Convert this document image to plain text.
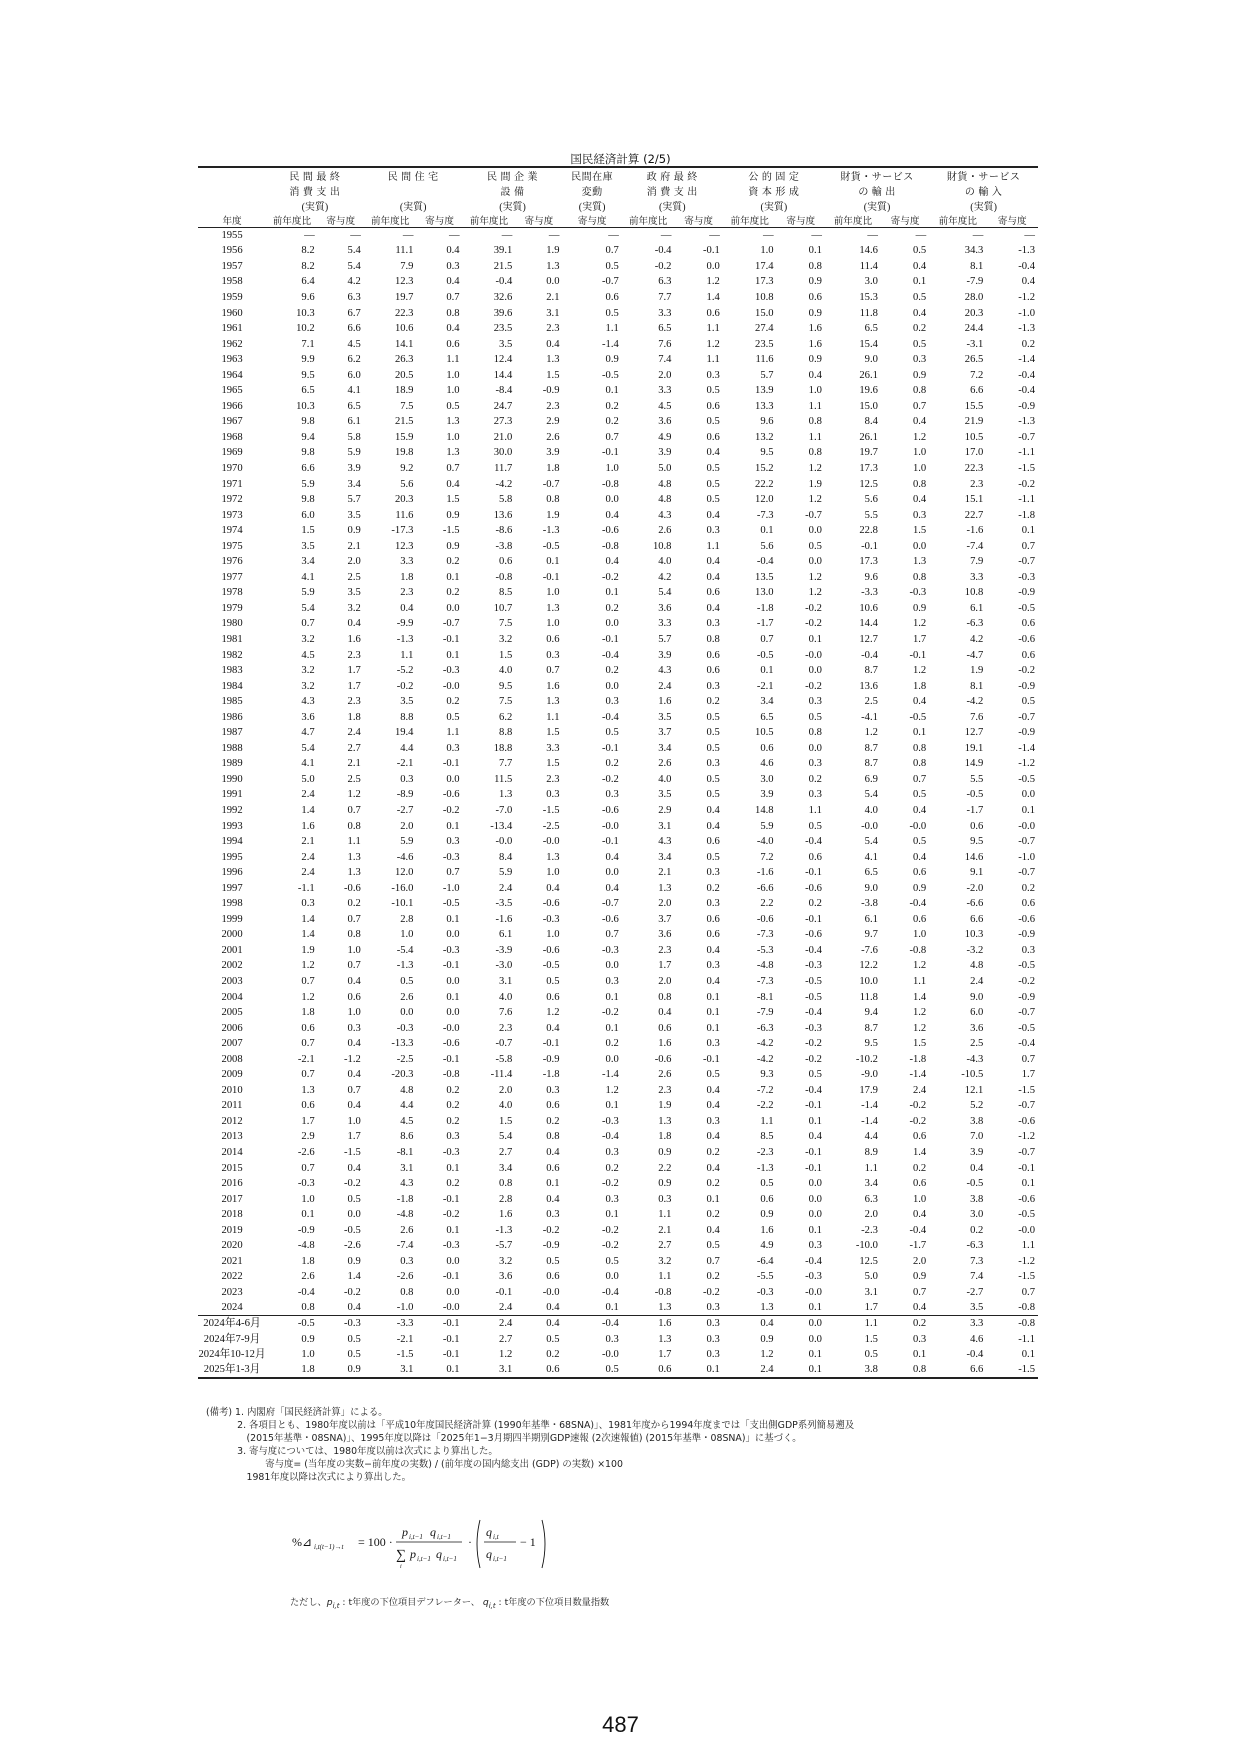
国民経済計算 (2/5)
	民 間 最 終		民 間 住 宅		民 間 企 業		民間在庫	政 府 最 終		公 的 固 定		財貨・サービス		財貨・サービス	
	消 費 支 出				設 備		変動	消 費 支 出		資 本 形 成		の 輸 出		の 輸 入	
	(実質)		(実質)		(実質)		(実質)	(実質)		(実質)		(実質)		(実質)	
年度	前年度比	寄与度	前年度比	寄与度	前年度比	寄与度	寄与度	前年度比	寄与度	前年度比	寄与度	前年度比	寄与度	前年度比	寄与度
1955	—	—	—	—	—	—	—	—	—	—	—	—	—	—	—
1956	8.2	5.4	11.1	0.4	39.1	1.9	0.7	-0.4	-0.1	1.0	0.1	14.6	0.5	34.3	-1.3
1957	8.2	5.4	7.9	0.3	21.5	1.3	0.5	-0.2	0.0	17.4	0.8	11.4	0.4	8.1	-0.4
1958	6.4	4.2	12.3	0.4	-0.4	0.0	-0.7	6.3	1.2	17.3	0.9	3.0	0.1	-7.9	0.4
1959	9.6	6.3	19.7	0.7	32.6	2.1	0.6	7.7	1.4	10.8	0.6	15.3	0.5	28.0	-1.2
1960	10.3	6.7	22.3	0.8	39.6	3.1	0.5	3.3	0.6	15.0	0.9	11.8	0.4	20.3	-1.0
1961	10.2	6.6	10.6	0.4	23.5	2.3	1.1	6.5	1.1	27.4	1.6	6.5	0.2	24.4	-1.3
1962	7.1	4.5	14.1	0.6	3.5	0.4	-1.4	7.6	1.2	23.5	1.6	15.4	0.5	-3.1	0.2
1963	9.9	6.2	26.3	1.1	12.4	1.3	0.9	7.4	1.1	11.6	0.9	9.0	0.3	26.5	-1.4
1964	9.5	6.0	20.5	1.0	14.4	1.5	-0.5	2.0	0.3	5.7	0.4	26.1	0.9	7.2	-0.4
1965	6.5	4.1	18.9	1.0	-8.4	-0.9	0.1	3.3	0.5	13.9	1.0	19.6	0.8	6.6	-0.4
1966	10.3	6.5	7.5	0.5	24.7	2.3	0.2	4.5	0.6	13.3	1.1	15.0	0.7	15.5	-0.9
1967	9.8	6.1	21.5	1.3	27.3	2.9	0.2	3.6	0.5	9.6	0.8	8.4	0.4	21.9	-1.3
1968	9.4	5.8	15.9	1.0	21.0	2.6	0.7	4.9	0.6	13.2	1.1	26.1	1.2	10.5	-0.7
1969	9.8	5.9	19.8	1.3	30.0	3.9	-0.1	3.9	0.4	9.5	0.8	19.7	1.0	17.0	-1.1
1970	6.6	3.9	9.2	0.7	11.7	1.8	1.0	5.0	0.5	15.2	1.2	17.3	1.0	22.3	-1.5
1971	5.9	3.4	5.6	0.4	-4.2	-0.7	-0.8	4.8	0.5	22.2	1.9	12.5	0.8	2.3	-0.2
1972	9.8	5.7	20.3	1.5	5.8	0.8	0.0	4.8	0.5	12.0	1.2	5.6	0.4	15.1	-1.1
1973	6.0	3.5	11.6	0.9	13.6	1.9	0.4	4.3	0.4	-7.3	-0.7	5.5	0.3	22.7	-1.8
1974	1.5	0.9	-17.3	-1.5	-8.6	-1.3	-0.6	2.6	0.3	0.1	0.0	22.8	1.5	-1.6	0.1
1975	3.5	2.1	12.3	0.9	-3.8	-0.5	-0.8	10.8	1.1	5.6	0.5	-0.1	0.0	-7.4	0.7
1976	3.4	2.0	3.3	0.2	0.6	0.1	0.4	4.0	0.4	-0.4	0.0	17.3	1.3	7.9	-0.7
1977	4.1	2.5	1.8	0.1	-0.8	-0.1	-0.2	4.2	0.4	13.5	1.2	9.6	0.8	3.3	-0.3
1978	5.9	3.5	2.3	0.2	8.5	1.0	0.1	5.4	0.6	13.0	1.2	-3.3	-0.3	10.8	-0.9
1979	5.4	3.2	0.4	0.0	10.7	1.3	0.2	3.6	0.4	-1.8	-0.2	10.6	0.9	6.1	-0.5
1980	0.7	0.4	-9.9	-0.7	7.5	1.0	0.0	3.3	0.3	-1.7	-0.2	14.4	1.2	-6.3	0.6
1981	3.2	1.6	-1.3	-0.1	3.2	0.6	-0.1	5.7	0.8	0.7	0.1	12.7	1.7	4.2	-0.6
1982	4.5	2.3	1.1	0.1	1.5	0.3	-0.4	3.9	0.6	-0.5	-0.0	-0.4	-0.1	-4.7	0.6
1983	3.2	1.7	-5.2	-0.3	4.0	0.7	0.2	4.3	0.6	0.1	0.0	8.7	1.2	1.9	-0.2
1984	3.2	1.7	-0.2	-0.0	9.5	1.6	0.0	2.4	0.3	-2.1	-0.2	13.6	1.8	8.1	-0.9
1985	4.3	2.3	3.5	0.2	7.5	1.3	0.3	1.6	0.2	3.4	0.3	2.5	0.4	-4.2	0.5
1986	3.6	1.8	8.8	0.5	6.2	1.1	-0.4	3.5	0.5	6.5	0.5	-4.1	-0.5	7.6	-0.7
1987	4.7	2.4	19.4	1.1	8.8	1.5	0.5	3.7	0.5	10.5	0.8	1.2	0.1	12.7	-0.9
1988	5.4	2.7	4.4	0.3	18.8	3.3	-0.1	3.4	0.5	0.6	0.0	8.7	0.8	19.1	-1.4
1989	4.1	2.1	-2.1	-0.1	7.7	1.5	0.2	2.6	0.3	4.6	0.3	8.7	0.8	14.9	-1.2
1990	5.0	2.5	0.3	0.0	11.5	2.3	-0.2	4.0	0.5	3.0	0.2	6.9	0.7	5.5	-0.5
1991	2.4	1.2	-8.9	-0.6	1.3	0.3	0.3	3.5	0.5	3.9	0.3	5.4	0.5	-0.5	0.0
1992	1.4	0.7	-2.7	-0.2	-7.0	-1.5	-0.6	2.9	0.4	14.8	1.1	4.0	0.4	-1.7	0.1
1993	1.6	0.8	2.0	0.1	-13.4	-2.5	-0.0	3.1	0.4	5.9	0.5	-0.0	-0.0	0.6	-0.0
1994	2.1	1.1	5.9	0.3	-0.0	-0.0	-0.1	4.3	0.6	-4.0	-0.4	5.4	0.5	9.5	-0.7
1995	2.4	1.3	-4.6	-0.3	8.4	1.3	0.4	3.4	0.5	7.2	0.6	4.1	0.4	14.6	-1.0
1996	2.4	1.3	12.0	0.7	5.9	1.0	0.0	2.1	0.3	-1.6	-0.1	6.5	0.6	9.1	-0.7
1997	-1.1	-0.6	-16.0	-1.0	2.4	0.4	0.4	1.3	0.2	-6.6	-0.6	9.0	0.9	-2.0	0.2
1998	0.3	0.2	-10.1	-0.5	-3.5	-0.6	-0.7	2.0	0.3	2.2	0.2	-3.8	-0.4	-6.6	0.6
1999	1.4	0.7	2.8	0.1	-1.6	-0.3	-0.6	3.7	0.6	-0.6	-0.1	6.1	0.6	6.6	-0.6
2000	1.4	0.8	1.0	0.0	6.1	1.0	0.7	3.6	0.6	-7.3	-0.6	9.7	1.0	10.3	-0.9
2001	1.9	1.0	-5.4	-0.3	-3.9	-0.6	-0.3	2.3	0.4	-5.3	-0.4	-7.6	-0.8	-3.2	0.3
2002	1.2	0.7	-1.3	-0.1	-3.0	-0.5	0.0	1.7	0.3	-4.8	-0.3	12.2	1.2	4.8	-0.5
2003	0.7	0.4	0.5	0.0	3.1	0.5	0.3	2.0	0.4	-7.3	-0.5	10.0	1.1	2.4	-0.2
2004	1.2	0.6	2.6	0.1	4.0	0.6	0.1	0.8	0.1	-8.1	-0.5	11.8	1.4	9.0	-0.9
2005	1.8	1.0	0.0	0.0	7.6	1.2	-0.2	0.4	0.1	-7.9	-0.4	9.4	1.2	6.0	-0.7
2006	0.6	0.3	-0.3	-0.0	2.3	0.4	0.1	0.6	0.1	-6.3	-0.3	8.7	1.2	3.6	-0.5
2007	0.7	0.4	-13.3	-0.6	-0.7	-0.1	0.2	1.6	0.3	-4.2	-0.2	9.5	1.5	2.5	-0.4
2008	-2.1	-1.2	-2.5	-0.1	-5.8	-0.9	0.0	-0.6	-0.1	-4.2	-0.2	-10.2	-1.8	-4.3	0.7
2009	0.7	0.4	-20.3	-0.8	-11.4	-1.8	-1.4	2.6	0.5	9.3	0.5	-9.0	-1.4	-10.5	1.7
2010	1.3	0.7	4.8	0.2	2.0	0.3	1.2	2.3	0.4	-7.2	-0.4	17.9	2.4	12.1	-1.5
2011	0.6	0.4	4.4	0.2	4.0	0.6	0.1	1.9	0.4	-2.2	-0.1	-1.4	-0.2	5.2	-0.7
2012	1.7	1.0	4.5	0.2	1.5	0.2	-0.3	1.3	0.3	1.1	0.1	-1.4	-0.2	3.8	-0.6
2013	2.9	1.7	8.6	0.3	5.4	0.8	-0.4	1.8	0.4	8.5	0.4	4.4	0.6	7.0	-1.2
2014	-2.6	-1.5	-8.1	-0.3	2.7	0.4	0.3	0.9	0.2	-2.3	-0.1	8.9	1.4	3.9	-0.7
2015	0.7	0.4	3.1	0.1	3.4	0.6	0.2	2.2	0.4	-1.3	-0.1	1.1	0.2	0.4	-0.1
2016	-0.3	-0.2	4.3	0.2	0.8	0.1	-0.2	0.9	0.2	0.5	0.0	3.4	0.6	-0.5	0.1
2017	1.0	0.5	-1.8	-0.1	2.8	0.4	0.3	0.3	0.1	0.6	0.0	6.3	1.0	3.8	-0.6
2018	0.1	0.0	-4.8	-0.2	1.6	0.3	0.1	1.1	0.2	0.9	0.0	2.0	0.4	3.0	-0.5
2019	-0.9	-0.5	2.6	0.1	-1.3	-0.2	-0.2	2.1	0.4	1.6	0.1	-2.3	-0.4	0.2	-0.0
2020	-4.8	-2.6	-7.4	-0.3	-5.7	-0.9	-0.2	2.7	0.5	4.9	0.3	-10.0	-1.7	-6.3	1.1
2021	1.8	0.9	0.3	0.0	3.2	0.5	0.5	3.2	0.7	-6.4	-0.4	12.5	2.0	7.3	-1.2
2022	2.6	1.4	-2.6	-0.1	3.6	0.6	0.0	1.1	0.2	-5.5	-0.3	5.0	0.9	7.4	-1.5
2023	-0.4	-0.2	0.8	0.0	-0.1	-0.0	-0.4	-0.8	-0.2	-0.3	-0.0	3.1	0.7	-2.7	0.7
2024	0.8	0.4	-1.0	-0.0	2.4	0.4	0.1	1.3	0.3	1.3	0.1	1.7	0.4	3.5	-0.8
2024年4-6月	-0.5	-0.3	-3.3	-0.1	2.4	0.4	-0.4	1.6	0.3	0.4	0.0	1.1	0.2	3.3	-0.8
2024年7-9月	0.9	0.5	-2.1	-0.1	2.7	0.5	0.3	1.3	0.3	0.9	0.0	1.5	0.3	4.6	-1.1
2024年10-12月	1.0	0.5	-1.5	-0.1	1.2	0.2	-0.0	1.7	0.3	1.2	0.1	0.5	0.1	-0.4	0.1
2025年1-3月	1.8	0.9	3.1	0.1	3.1	0.6	0.5	0.6	0.1	2.4	0.1	3.8	0.8	6.6	-1.5
(備考) 1. 内閣府「国民経済計算」による。
　　　 2. 各項目とも、1980年度以前は「平成10年度国民経済計算 (1990年基準・68SNA)」、1981年度から1994年度までは「支出側GDP系列簡易遡及
　　　　 (2015年基準・08SNA)」、1995年度以降は「2025年1−3月期四半期別GDP速報 (2次速報値) (2015年基準・08SNA)」に基づく。
　　　 3. 寄与度については、1980年度以前は次式により算出した。
　　　　　　 寄与度= (当年度の実数−前年度の実数) / (前年度の国内総支出 (GDP) の実数) ×100
　　　　 1981年度以降は次式により算出した。
%⊿ i,t(t−1)→t = 100 ·
p i,t−1 q i,t−1
∑
i
p i,t−1 q i,t−1
·
q i,t
q i,t−1
− 1
ただし、$p_{i,t}$ : t年度の下位項目デフレーター、 $q_{i,t}$ : t年度の下位項目数量指数
487
